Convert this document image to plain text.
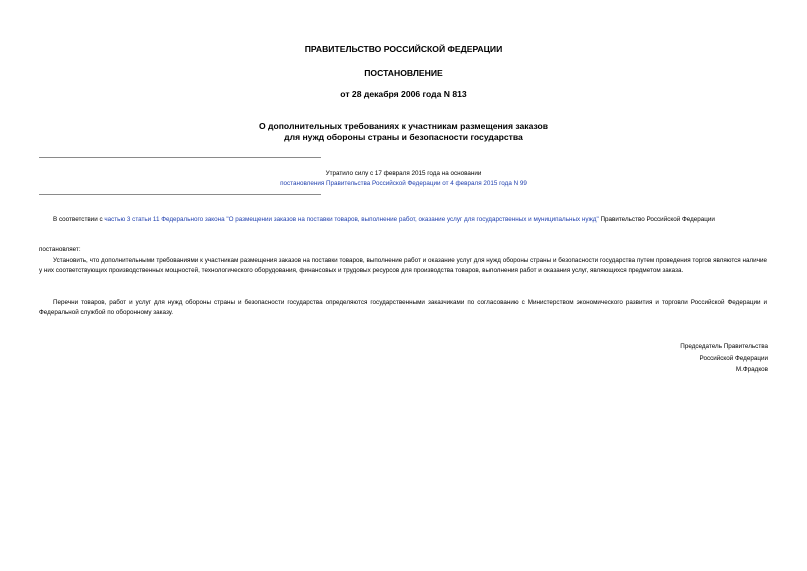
ПРАВИТЕЛЬСТВО РОССИЙСКОЙ ФЕДЕРАЦИИ
ПОСТАНОВЛЕНИЕ
от 28 декабря 2006 года N 813
О дополнительных требованиях к участникам размещения заказов
для нужд обороны страны и безопасности государства
Утратило силу с 17 февраля 2015 года на основании
постановления Правительства Российской Федерации от 4 февраля 2015 года N 99
В соответствии с частью 3 статьи 11 Федерального закона "О размещении заказов на поставки товаров, выполнение работ, оказание услуг для государственных и муниципальных нужд" Правительство Российской Федерации
постановляет:
Установить, что дополнительными требованиями к участникам размещения заказов на поставки товаров, выполнение работ и оказание услуг для нужд обороны страны и безопасности государства путем проведения торгов являются наличие у них соответствующих производственных мощностей, технологического оборудования, финансовых и трудовых ресурсов для производства товаров, выполнения работ и оказания услуг, являющихся предметом заказа.
Перечни товаров, работ и услуг для нужд обороны страны и безопасности государства определяются государственными заказчиками по согласованию с Министерством экономического развития и торговли Российской Федерации и Федеральной службой по оборонному заказу.
Председатель Правительства
Российской Федерации
М.Фрадков
